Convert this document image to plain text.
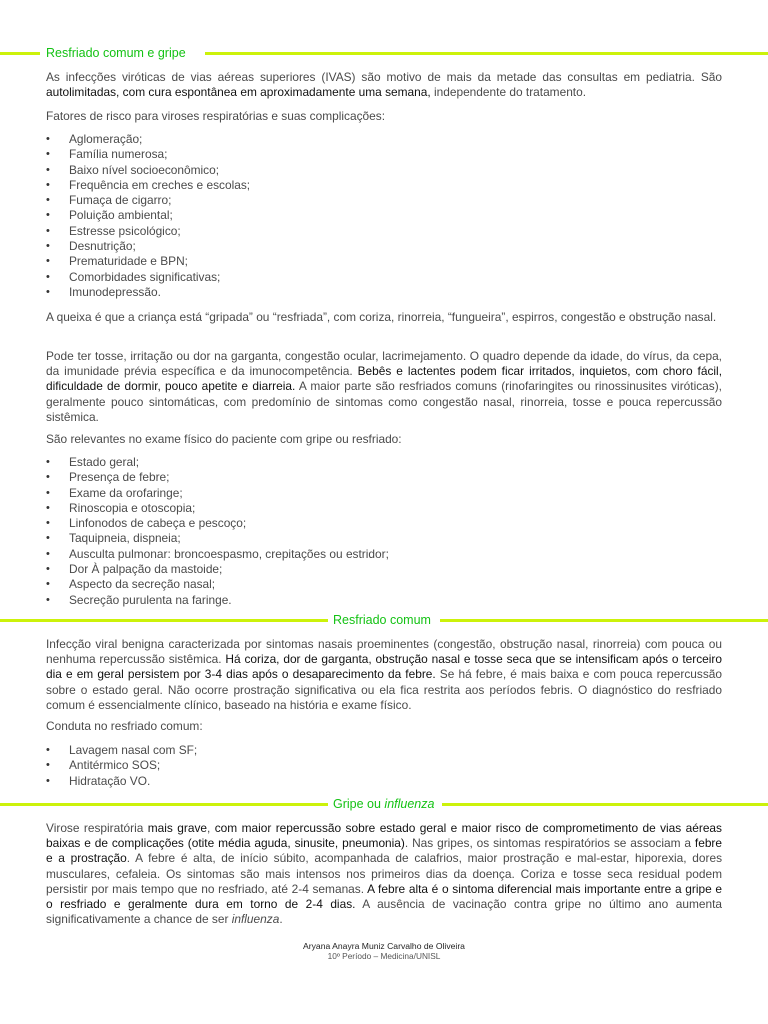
Resfriado comum e gripe

As infecções viróticas de vias aéreas superiores (IVAS) são motivo de mais da metade das consultas em pediatria. São autolimitadas, com cura espontânea em aproximadamente uma semana, independente do tratamento.

Fatores de risco para viroses respiratórias e suas complicações:

• Aglomeração;
• Família numerosa;
• Baixo nível socioeconômico;
• Frequência em creches e escolas;
• Fumaça de cigarro;
• Poluição ambiental;
• Estresse psicológico;
• Desnutrição;
• Prematuridade e BPN;
• Comorbidades significativas;
• Imunodepressão.

A queixa é que a criança está “gripada” ou “resfriada”, com coriza, rinorreia, “fungueira”, espirros, congestão e obstrução nasal.

Pode ter tosse, irritação ou dor na garganta, congestão ocular, lacrimejamento. O quadro depende da idade, do vírus, da cepa, da imunidade prévia específica e da imunocompetência. Bebês e lactentes podem ficar irritados, inquietos, com choro fácil, dificuldade de dormir, pouco apetite e diarreia. A maior parte são resfriados comuns (rinofaringites ou rinossinusites viróticas), geralmente pouco sintomáticas, com predomínio de sintomas como congestão nasal, rinorreia, tosse e pouca repercussão sistêmica.

São relevantes no exame físico do paciente com gripe ou resfriado:

• Estado geral;
• Presença de febre;
• Exame da orofaringe;
• Rinoscopia e otoscopia;
• Linfonodos de cabeça e pescoço;
• Taquipneia, dispneia;
• Ausculta pulmonar: broncoespasmo, crepitações ou estridor;
• Dor À palpação da mastoide;
• Aspecto da secreção nasal;
• Secreção purulenta na faringe.
Resfriado comum

Infecção viral benigna caracterizada por sintomas nasais proeminentes (congestão, obstrução nasal, rinorreia) com pouca ou nenhuma repercussão sistêmica. Há coriza, dor de garganta, obstrução nasal e tosse seca que se intensificam após o terceiro dia e em geral persistem por 3-4 dias após o desaparecimento da febre. Se há febre, é mais baixa e com pouca repercussão sobre o estado geral. Não ocorre prostração significativa ou ela fica restrita aos períodos febris. O diagnóstico do resfriado comum é essencialmente clínico, baseado na história e exame físico.

Conduta no resfriado comum:

• Lavagem nasal com SF;
• Antitérmico SOS;
• Hidratação VO.
Gripe ou influenza

Virose respiratória mais grave, com maior repercussão sobre estado geral e maior risco de comprometimento de vias aéreas baixas e de complicações (otite média aguda, sinusite, pneumonia). Nas gripes, os sintomas respiratórios se associam a febre e a prostração. A febre é alta, de início súbito, acompanhada de calafrios, maior prostração e mal-estar, hiporexia, dores musculares, cefaleia. Os sintomas são mais intensos nos primeiros dias da doença. Coriza e tosse seca residual podem persistir por mais tempo que no resfriado, até 2-4 semanas. A febre alta é o sintoma diferencial mais importante entre a gripe e o resfriado e geralmente dura em torno de 2-4 dias. A ausência de vacinação contra gripe no último ano aumenta significativamente a chance de ser influenza.

Aryana Anayra Muniz Carvalho de Oliveira
10º Período – Medicina/UNISL
